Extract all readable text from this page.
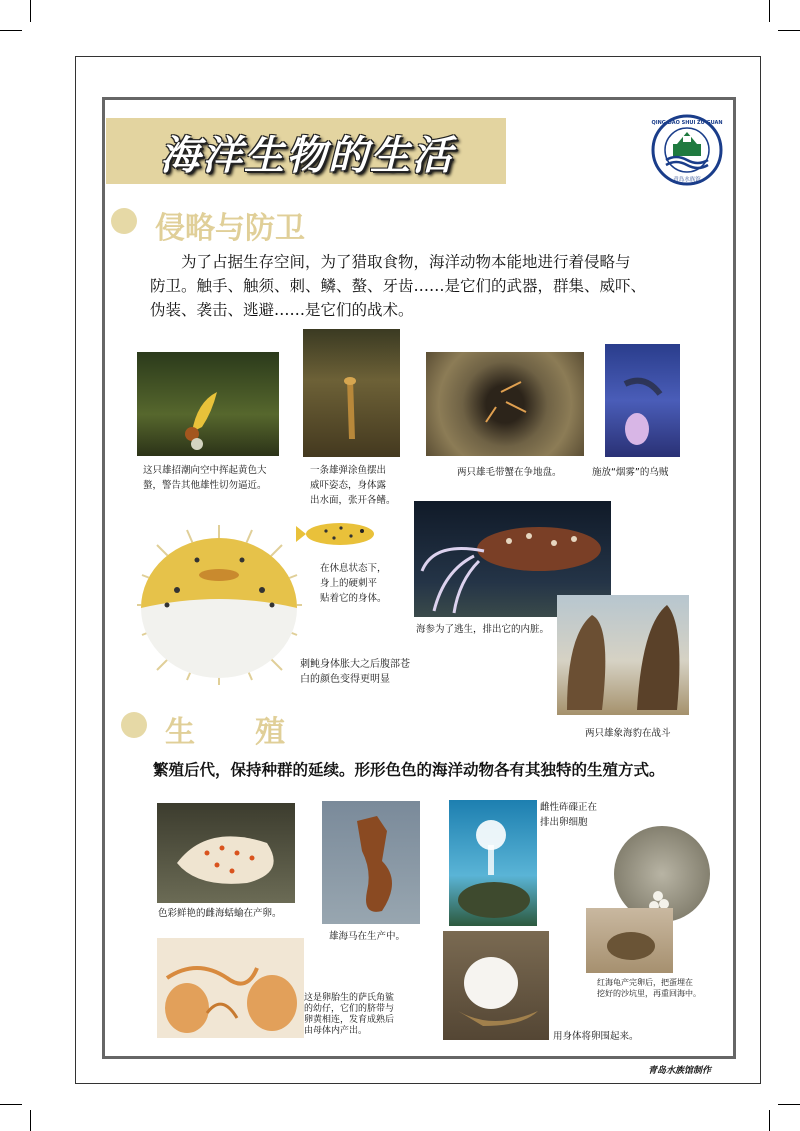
海洋生物的生活
QING DAO SHUI ZU GUAN
青岛水族馆
侵略与防卫
　　为了占据生存空间，为了猎取食物，海洋动物本能地进行着侵略与
防卫。触手、触须、刺、鳞、螯、牙齿……是它们的武器，群集、威吓、
伪装、袭击、逃避……是它们的战术。
这只雄招潮向空中挥起黄色大
螯，警告其他雄性切勿逼近。
一条雄弹涂鱼摆出
威吓姿态，身体露
出水面，张开各鳍。
两只雄毛带蟹在争地盘。	施放“烟雾”的乌贼
刺鲀身体胀大之后腹部苍
白的颜色变得更明显
在休息状态下，
身上的硬刺平
贴着它的身体。
海参为了逃生，排出它的内脏。
两只雄象海豹在战斗
生　　殖
繁殖后代，保持种群的延续。形形色色的海洋动物各有其独特的生殖方式。
色彩鲜艳的雌海蛞蝓在产卵。
雄海马在生产中。
雌性砗磲正在
排出卵细胞
红海龟产完卵后，把蛋埋在
挖好的沙坑里，再重回海中。
这是卵胎生的萨氏角鲨
的幼仔，它们的脐带与
卵黄相连，发育成熟后
由母体内产出。	用身体将卵围起来。
青岛水族馆制作
